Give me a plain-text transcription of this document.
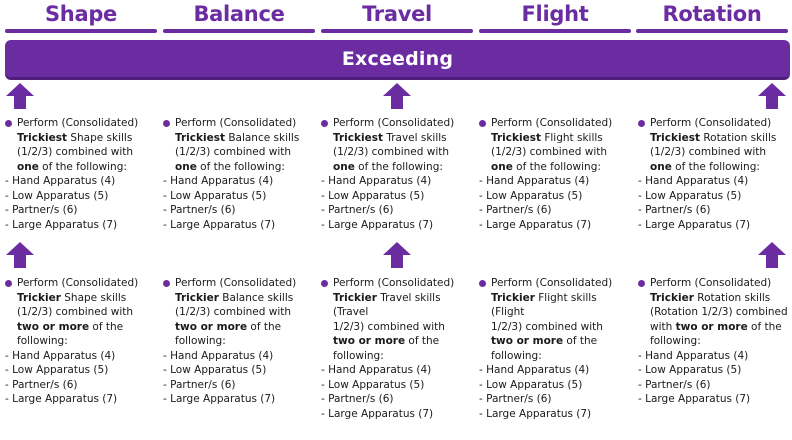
Shape	Balance	Travel	Flight	Rotation
Exceeding
Perform (Consolidated)
Trickiest Shape skills
(1/2/3) combined with
one of the following:
- Hand Apparatus (4)
- Low Apparatus (5)
- Partner/s (6)
- Large Apparatus (7)
Perform (Consolidated)
Trickiest Balance skills
(1/2/3) combined with
one of the following:
- Hand Apparatus (4)
- Low Apparatus (5)
- Partner/s (6)
- Large Apparatus (7)
Perform (Consolidated)
Trickiest Travel skills
(1/2/3) combined with
one of the following:
- Hand Apparatus (4)
- Low Apparatus (5)
- Partner/s (6)
- Large Apparatus (7)
Perform (Consolidated)
Trickiest Flight skills
(1/2/3) combined with
one of the following:
- Hand Apparatus (4)
- Low Apparatus (5)
- Partner/s (6)
- Large Apparatus (7)
Perform (Consolidated)
Trickiest Rotation skills
(1/2/3) combined with
one of the following:
- Hand Apparatus (4)
- Low Apparatus (5)
- Partner/s (6)
- Large Apparatus (7)
Perform (Consolidated)
Trickier Shape skills
(1/2/3) combined with
two or more of the
following:
- Hand Apparatus (4)
- Low Apparatus (5)
- Partner/s (6)
- Large Apparatus (7)
Perform (Consolidated)
Trickier Balance skills
(1/2/3) combined with
two or more of the
following:
- Hand Apparatus (4)
- Low Apparatus (5)
- Partner/s (6)
- Large Apparatus (7)
Perform (Consolidated)
Trickier Travel skills (Travel
1/2/3) combined with
two or more of the
following:
- Hand Apparatus (4)
- Low Apparatus (5)
- Partner/s (6)
- Large Apparatus (7)
Perform (Consolidated)
Trickier Flight skills (Flight
1/2/3) combined with
two or more of the
following:
- Hand Apparatus (4)
- Low Apparatus (5)
- Partner/s (6)
- Large Apparatus (7)
Perform (Consolidated)
Trickier Rotation skills
(Rotation 1/2/3) combined
with two or more of the
following:
- Hand Apparatus (4)
- Low Apparatus (5)
- Partner/s (6)
- Large Apparatus (7)
